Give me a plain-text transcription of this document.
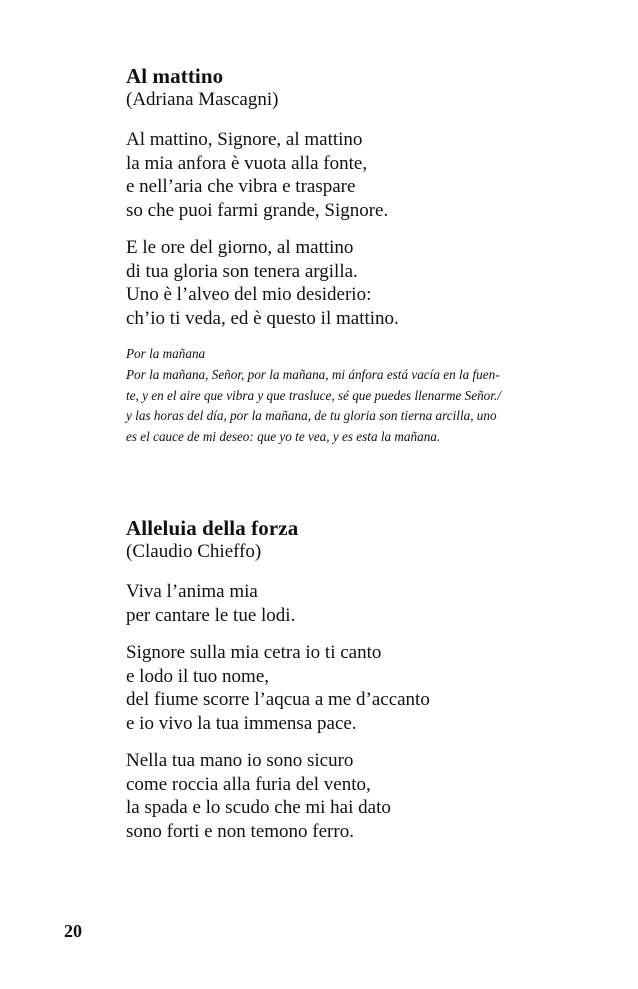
Al mattino

(Adriana Mascagni)

Al mattino, Signore, al mattino
la mia anfora è vuota alla fonte,
e nell’aria che vibra e traspare
so che puoi farmi grande, Signore.
E le ore del giorno, al mattino
di tua gloria son tenera argilla.
Uno è l’alveo del mio desiderio:
ch’io ti veda, ed è questo il mattino.
Por la mañana
Por la mañana, Señor, por la mañana, mi ánfora está vacía en la fuen-
te, y en el aire que vibra y que trasluce, sé que puedes llenarme Señor./
y las horas del día, por la mañana, de tu gloria son tierna arcilla, uno
es el cauce de mi deseo: que yo te vea, y es esta la mañana.
Alleluia della forza

(Claudio Chieffo)

Viva l’anima mia
per cantare le tue lodi.
Signore sulla mia cetra io ti canto
e lodo il tuo nome,
del fiume scorre l’aqcua a me d’accanto
e io vivo la tua immensa pace.
Nella tua mano io sono sicuro
come roccia alla furia del vento,
la spada e lo scudo che mi hai dato
sono forti e non temono ferro.
20
